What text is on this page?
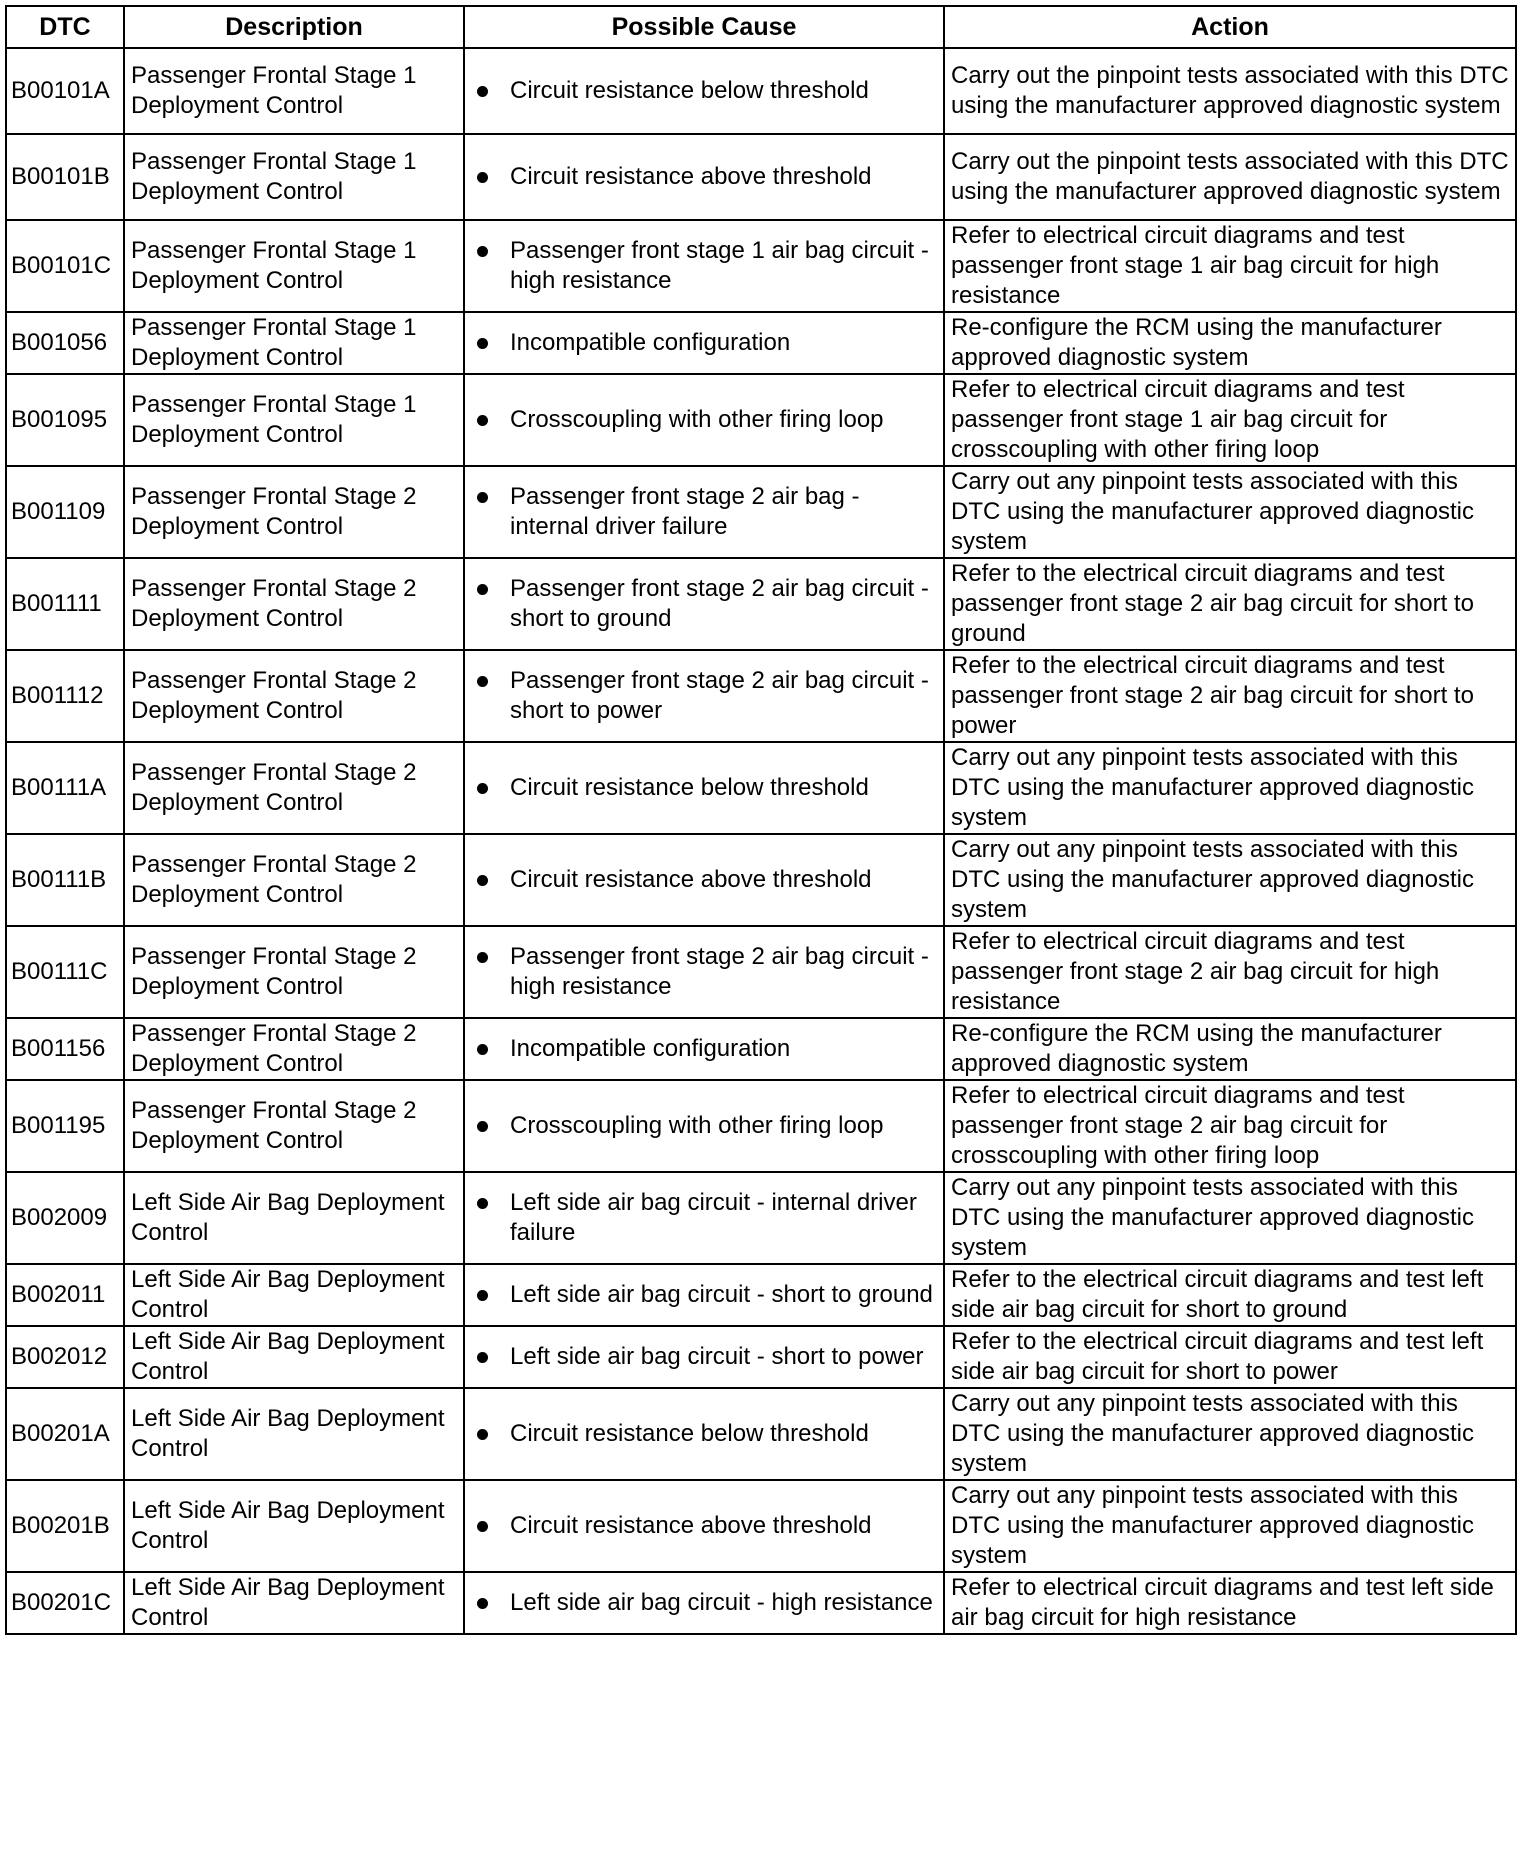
DTC	Description	Possible Cause	Action
B00101A	Passenger Frontal Stage 1 Deployment Control	Circuit resistance below threshold	Carry out the pinpoint tests associated with this DTC using the manufacturer approved diagnostic system
B00101B	Passenger Frontal Stage 1 Deployment Control	Circuit resistance above threshold	Carry out the pinpoint tests associated with this DTC using the manufacturer approved diagnostic system
B00101C	Passenger Frontal Stage 1 Deployment Control	Passenger front stage 1 air bag circuit - high resistance	Refer to electrical circuit diagrams and test passenger front stage 1 air bag circuit for high resistance
B001056	Passenger Frontal Stage 1 Deployment Control	Incompatible configuration	Re-configure the RCM using the manufacturer approved diagnostic system
B001095	Passenger Frontal Stage 1 Deployment Control	Crosscoupling with other firing loop	Refer to electrical circuit diagrams and test passenger front stage 1 air bag circuit for crosscoupling with other firing loop
B001109	Passenger Frontal Stage 2 Deployment Control	Passenger front stage 2 air bag - internal driver failure	Carry out any pinpoint tests associated with this DTC using the manufacturer approved diagnostic system
B001111	Passenger Frontal Stage 2 Deployment Control	Passenger front stage 2 air bag circuit - short to ground	Refer to the electrical circuit diagrams and test passenger front stage 2 air bag circuit for short to ground
B001112	Passenger Frontal Stage 2 Deployment Control	Passenger front stage 2 air bag circuit - short to power	Refer to the electrical circuit diagrams and test passenger front stage 2 air bag circuit for short to power
B00111A	Passenger Frontal Stage 2 Deployment Control	Circuit resistance below threshold	Carry out any pinpoint tests associated with this DTC using the manufacturer approved diagnostic system
B00111B	Passenger Frontal Stage 2 Deployment Control	Circuit resistance above threshold	Carry out any pinpoint tests associated with this DTC using the manufacturer approved diagnostic system
B00111C	Passenger Frontal Stage 2 Deployment Control	Passenger front stage 2 air bag circuit - high resistance	Refer to electrical circuit diagrams and test passenger front stage 2 air bag circuit for high resistance
B001156	Passenger Frontal Stage 2 Deployment Control	Incompatible configuration	Re-configure the RCM using the manufacturer approved diagnostic system
B001195	Passenger Frontal Stage 2 Deployment Control	Crosscoupling with other firing loop	Refer to electrical circuit diagrams and test passenger front stage 2 air bag circuit for crosscoupling with other firing loop
B002009	Left Side Air Bag Deployment Control	Left side air bag circuit - internal driver failure	Carry out any pinpoint tests associated with this DTC using the manufacturer approved diagnostic system
B002011	Left Side Air Bag Deployment Control	Left side air bag circuit - short to ground	Refer to the electrical circuit diagrams and test left side air bag circuit for short to ground
B002012	Left Side Air Bag Deployment Control	Left side air bag circuit - short to power	Refer to the electrical circuit diagrams and test left side air bag circuit for short to power
B00201A	Left Side Air Bag Deployment Control	Circuit resistance below threshold	Carry out any pinpoint tests associated with this DTC using the manufacturer approved diagnostic system
B00201B	Left Side Air Bag Deployment Control	Circuit resistance above threshold	Carry out any pinpoint tests associated with this DTC using the manufacturer approved diagnostic system
B00201C	Left Side Air Bag Deployment Control	Left side air bag circuit - high resistance	Refer to electrical circuit diagrams and test left side air bag circuit for high resistance
